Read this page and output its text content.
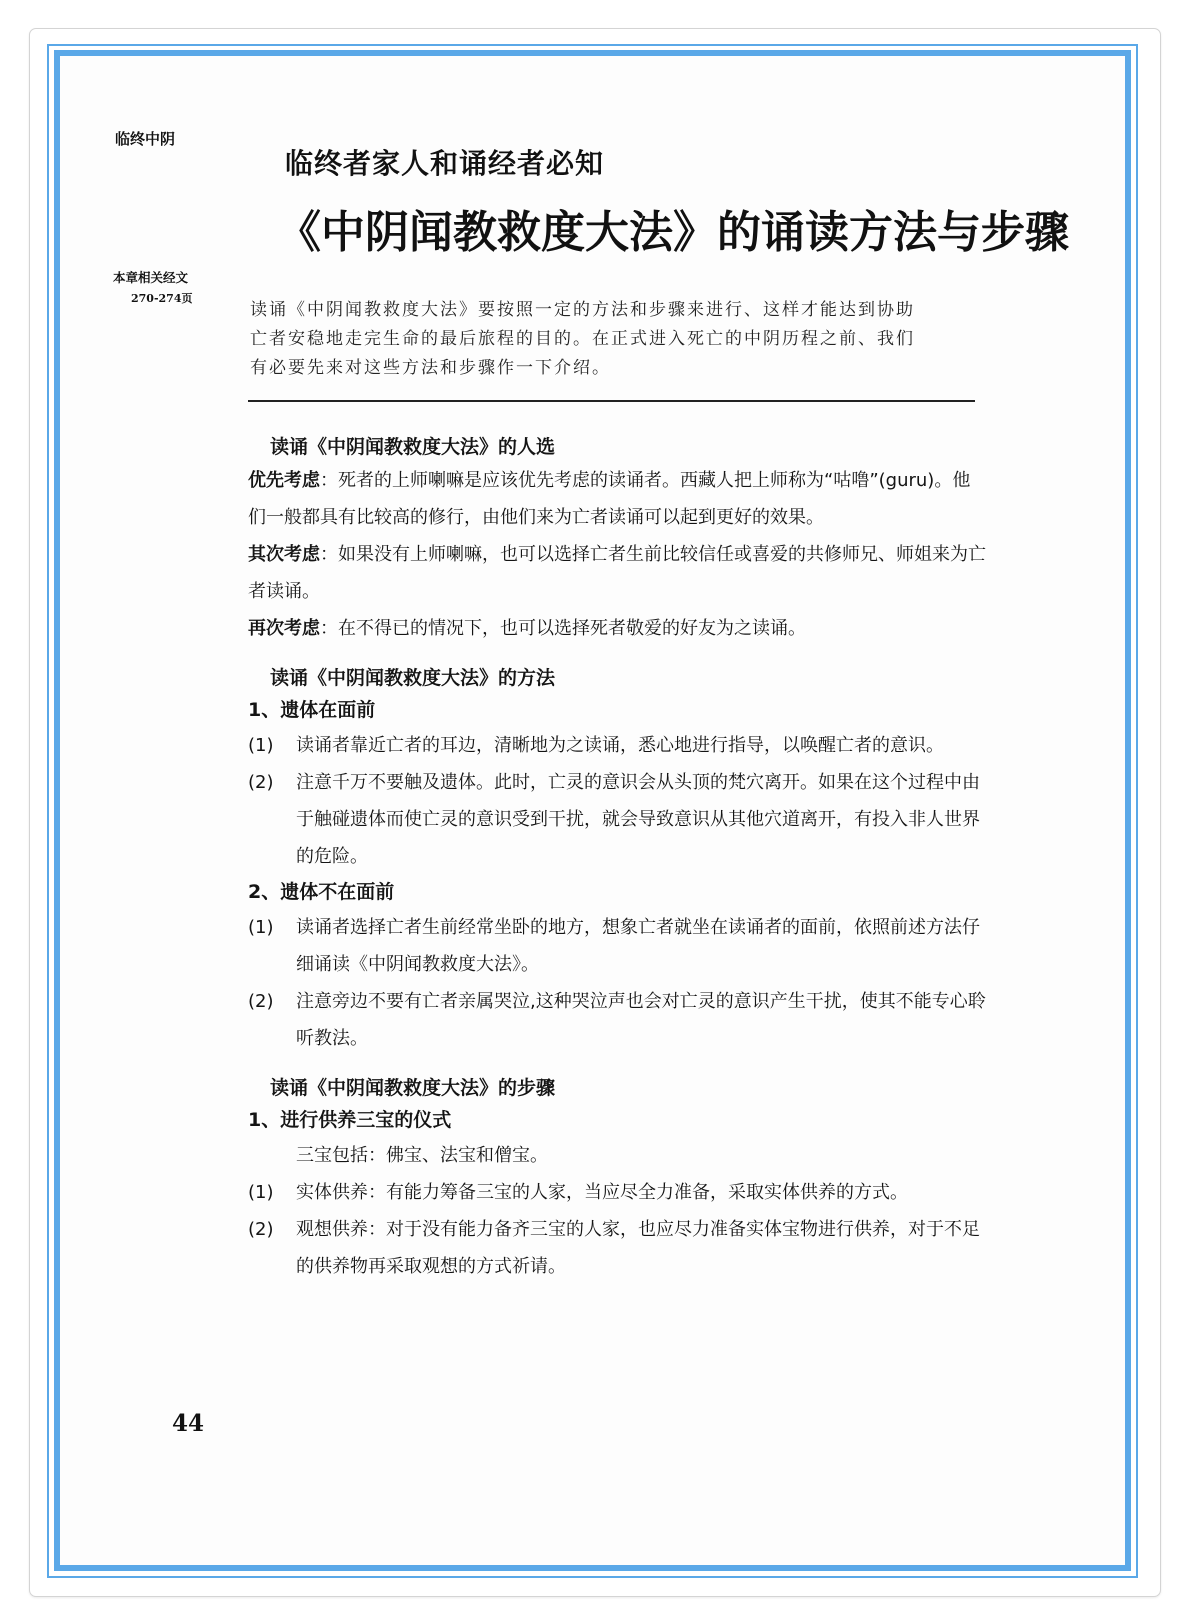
临终中阴
本章相关经文
270-274页
临终者家人和诵经者必知
《中阴闻教救度大法》的诵读方法与步骤

读诵《中阴闻教救度大法》要按照一定的方法和步骤来进行、这样才能达到协助

亡者安稳地走完生命的最后旅程的目的。在正式进入死亡的中阴历程之前、我们

有必要先来对这些方法和步骤作一下介绍。

读诵《中阴闻教救度大法》的人选
优先考虑：死者的上师喇嘛是应该优先考虑的读诵者。西藏人把上师称为“咕噜”(guru)。他们一般都具有比较高的修行，由他们来为亡者读诵可以起到更好的效果。
其次考虑：如果没有上师喇嘛，也可以选择亡者生前比较信任或喜爱的共修师兄、师姐来为亡者读诵。
再次考虑：在不得已的情况下，也可以选择死者敬爱的好友为之读诵。
读诵《中阴闻教救度大法》的方法
1、遗体在面前
(1)	读诵者靠近亡者的耳边，清晰地为之读诵，悉心地进行指导，以唤醒亡者的意识。
(2)	注意千万不要触及遗体。此时，亡灵的意识会从头顶的梵穴离开。如果在这个过程中由于触碰遗体而使亡灵的意识受到干扰，就会导致意识从其他穴道离开，有投入非人世界的危险。
2、遗体不在面前
(1)	读诵者选择亡者生前经常坐卧的地方，想象亡者就坐在读诵者的面前，依照前述方法仔细诵读《中阴闻教救度大法》。
(2)	注意旁边不要有亡者亲属哭泣,这种哭泣声也会对亡灵的意识产生干扰，使其不能专心聆听教法。
读诵《中阴闻教救度大法》的步骤
1、进行供养三宝的仪式
三宝包括：佛宝、法宝和僧宝。
(1)	实体供养：有能力筹备三宝的人家，当应尽全力准备，采取实体供养的方式。
(2)	观想供养：对于没有能力备齐三宝的人家，也应尽力准备实体宝物进行供养，对于不足的供养物再采取观想的方式祈请。
44
